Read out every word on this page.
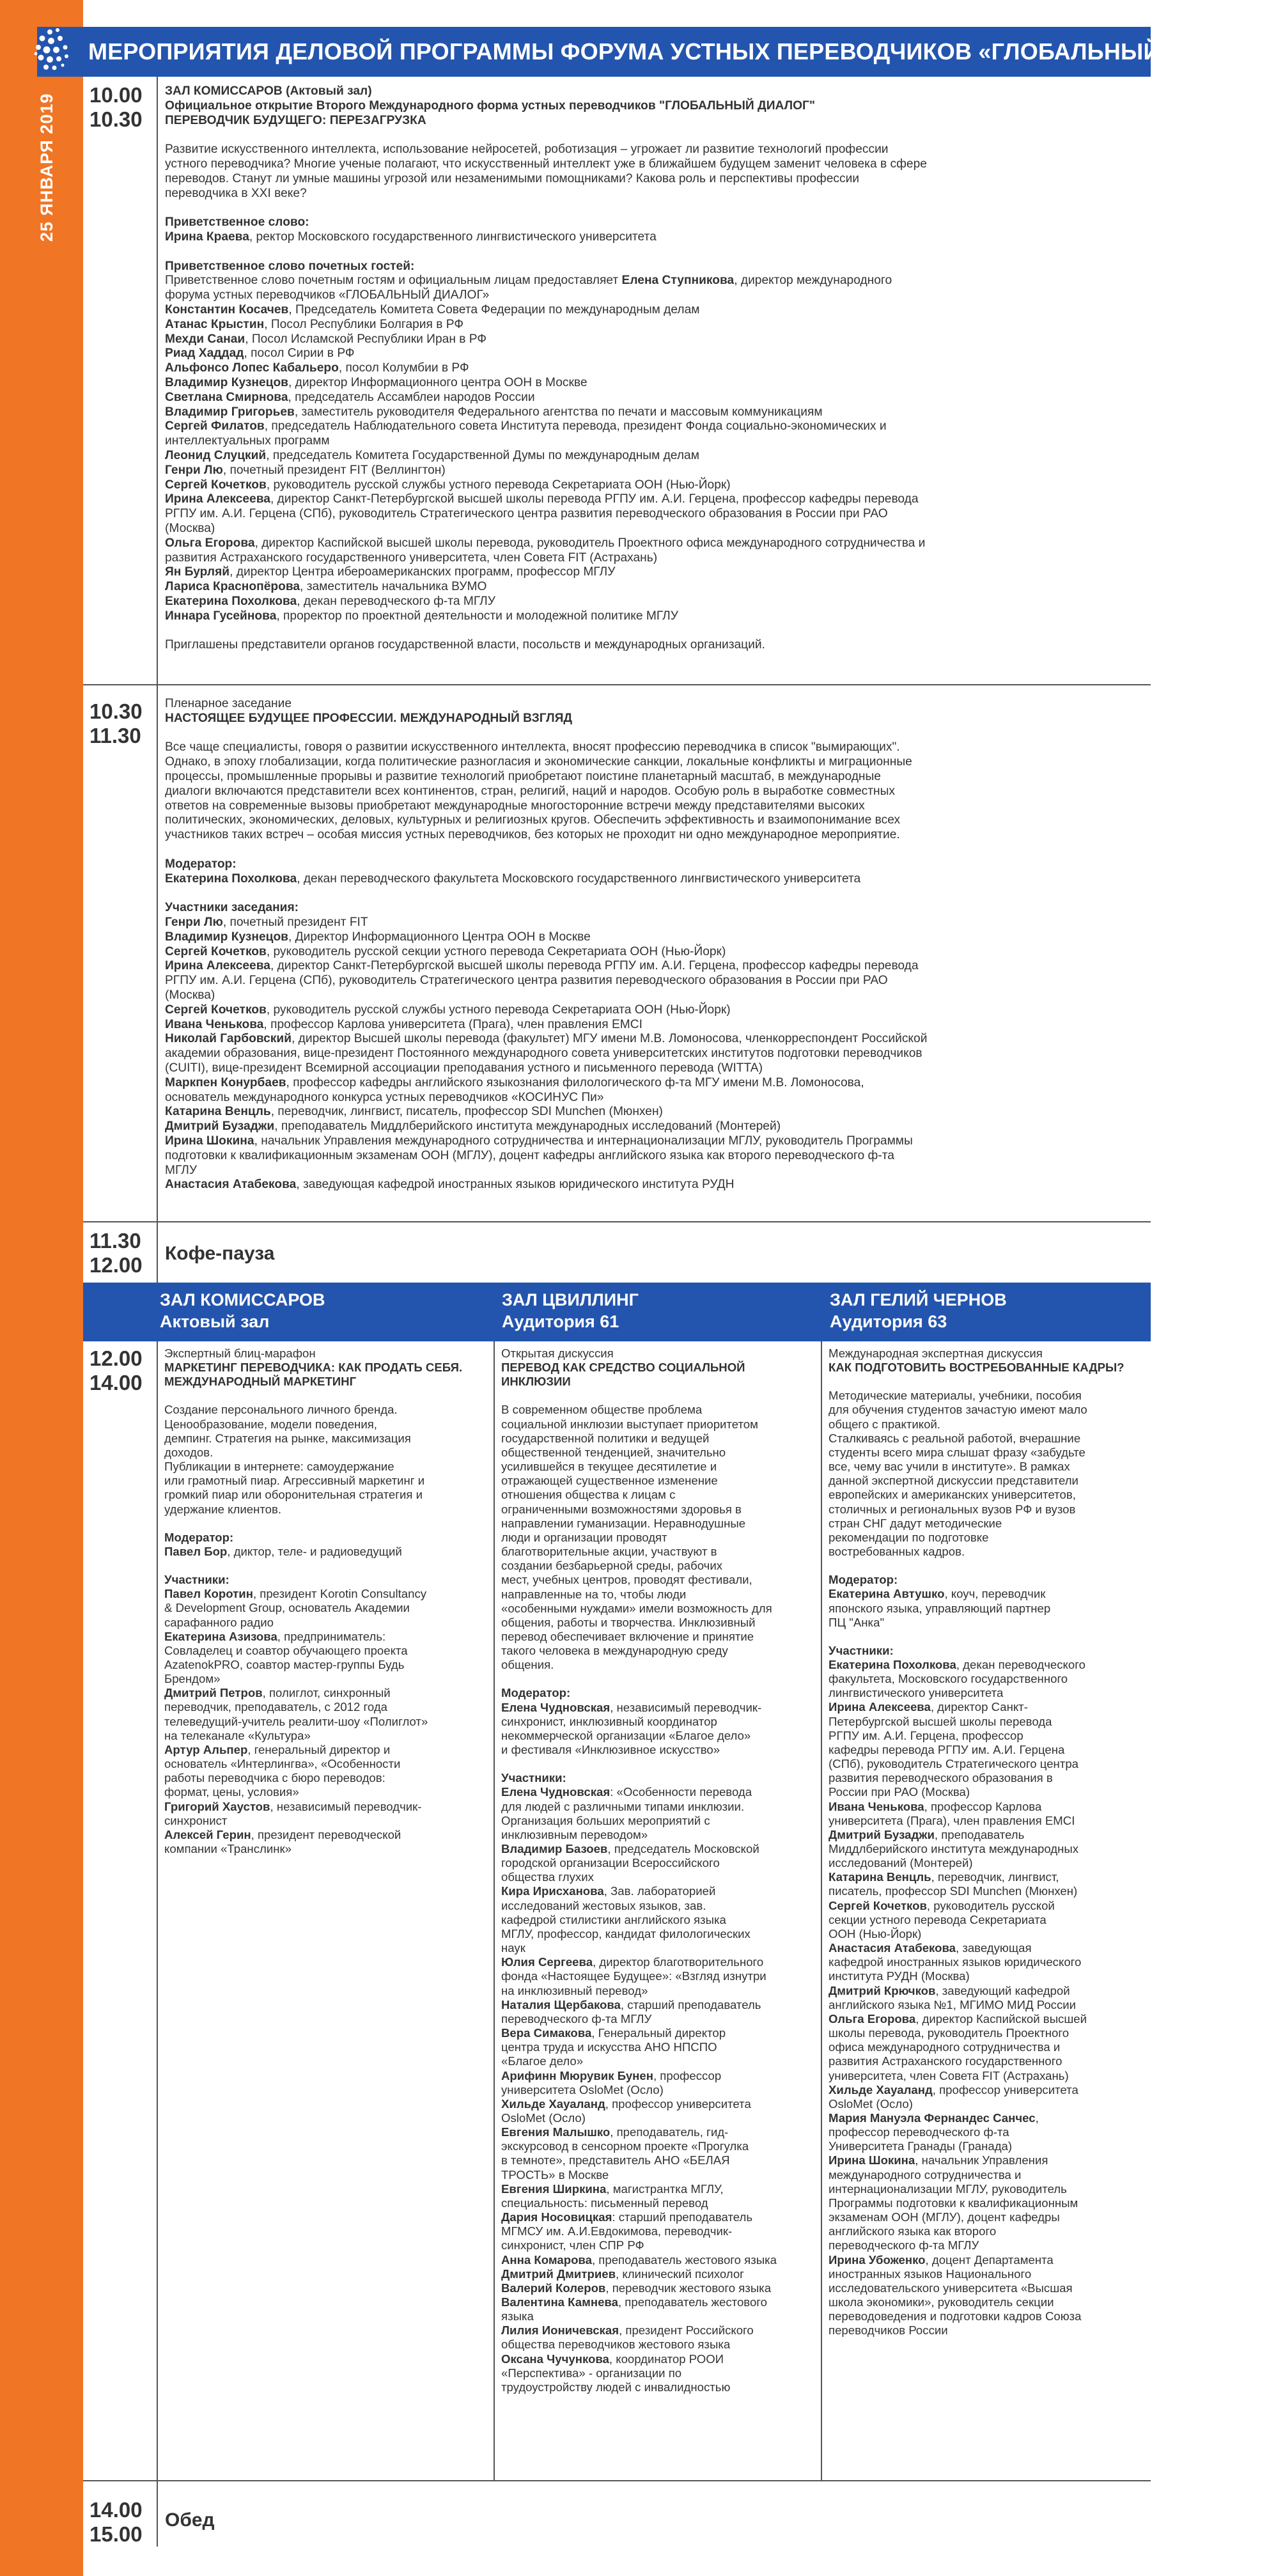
25 ЯНВАРЯ 2019
МЕРОПРИЯТИЯ ДЕЛОВОЙ ПРОГРАММЫ ФОРУМА УСТНЫХ ПЕРЕВОДЧИКОВ «ГЛОБАЛЬНЫЙ ДИАЛОГ»
10.00
10.30
ЗАЛ КОМИССАРОВ (Актовый зал)
Официальное открытие Второго Международного форма устных переводчиков "ГЛОБАЛЬНЫЙ ДИАЛОГ"
ПЕРЕВОДЧИК БУДУЩЕГО: ПЕРЕЗАГРУЗКА
Развитие искусственного интеллекта, использование нейросетей, роботизация – угрожает ли развитие технологий профессии
устного переводчика? Многие ученые полагают, что искусственный интеллект уже в ближайшем будущем заменит человека в сфере
переводов. Станут ли умные машины угрозой или незаменимыми помощниками? Какова роль и перспективы профессии
переводчика в XXI веке?
Приветственное слово:
Ирина Краева, ректор Московского государственного лингвистического университета
Приветственное слово почетных гостей:
Приветственное слово почетным гостям и официальным лицам предоставляет Елена Ступникова, директор международного
форума устных переводчиков «ГЛОБАЛЬНЫЙ ДИАЛОГ»
Константин Косачев, Председатель Комитета Совета Федерации по международным делам
Атанас Крыстин, Посол Республики Болгария в РФ
Мехди Санаи, Посол Исламской Республики Иран в РФ
Риад Хаддад, посол Сирии в РФ
Альфонсо Лопес Кабальеро, посол Колумбии в РФ
Владимир Кузнецов, директор Информационного центра ООН в Москве
Светлана Смирнова, председатель Ассамблеи народов России
Владимир Григорьев, заместитель руководителя Федерального агентства по печати и массовым коммуникациям
Сергей Филатов, председатель Наблюдательного совета Института перевода, президент Фонда социально-экономических и
интеллектуальных программ
Леонид Слуцкий, председатель Комитета Государственной Думы по международным делам
Генри Лю, почетный президент FIT (Веллингтон)
Сергей Кочетков, руководитель русской службы устного перевода Секретариата ООН (Нью-Йорк)
Ирина Алексеева, директор Санкт-Петербургской высшей школы перевода РГПУ им. А.И. Герцена, профессор кафедры перевода
РГПУ им. А.И. Герцена (СПб), руководитель Стратегического центра развития переводческого образования в России при РАО
(Москва)
Ольга Егорова, директор Каспийской высшей школы перевода, руководитель Проектного офиса международного сотрудничества и
развития Астраханского государственного университета, член Совета FIT (Астрахань)
Ян Бурляй, директор Центра ибероамериканских программ, профессор МГЛУ
Лариса Краснопёрова, заместитель начальника ВУМО
Екатерина Похолкова, декан переводческого ф-та МГЛУ
Иннара Гусейнова, проректор по проектной деятельности и молодежной политике МГЛУ
Приглашены представители органов государственной власти, посольств и международных организаций.
10.30
11.30
Пленарное заседание
НАСТОЯЩЕЕ БУДУЩЕЕ ПРОФЕССИИ. МЕЖДУНАРОДНЫЙ ВЗГЛЯД
Все чаще специалисты, говоря о развитии искусственного интеллекта, вносят профессию переводчика в список "вымирающих".
Однако, в эпоху глобализации, когда политические разногласия и экономические санкции, локальные конфликты и миграционные
процессы, промышленные прорывы и развитие технологий приобретают поистине планетарный масштаб, в международные
диалоги включаются представители всех континентов, стран, религий, наций и народов. Особую роль в выработке совместных
ответов на современные вызовы приобретают международные многосторонние встречи между представителями высоких
политических, экономических, деловых, культурных и религиозных кругов. Обеспечить эффективность и взаимопонимание всех
участников таких встреч – особая миссия устных переводчиков, без которых не проходит ни одно международное мероприятие.
Модератор:
Екатерина Похолкова, декан переводческого факультета Московского государственного лингвистического университета
Участники заседания:
Генри Лю, почетный президент FIT
Владимир Кузнецов, Директор Информационного Центра ООН в Москве
Сергей Кочетков, руководитель русской секции устного перевода Секретариата ООН (Нью-Йорк)
Ирина Алексеева, директор Санкт-Петербургской высшей школы перевода РГПУ им. А.И. Герцена, профессор кафедры перевода
РГПУ им. А.И. Герцена (СПб), руководитель Стратегического центра развития переводческого образования в России при РАО
(Москва)
Сергей Кочетков, руководитель русской службы устного перевода Секретариата ООН (Нью-Йорк)
Ивана Ченькова, профессор Карлова университета (Прага), член правления EMCI
Николай Гарбовский, директор Высшей школы перевода (факультет) МГУ имени М.В. Ломоносова, членкорреспондент Российской
академии образования, вице-президент Постоянного международного совета университетских институтов подготовки переводчиков
(CUITI), вице-президент Всемирной ассоциации преподавания устного и письменного перевода (WITTA)
Маркпен Конурбаев, профессор кафедры английского языкознания филологического ф-та МГУ имени М.В. Ломоносова,
основатель международного конкурса устных переводчиков «КОСИНУС Пи»
Катарина Венцль, переводчик, лингвист, писатель, профессор SDI Munchen (Мюнхен)
Дмитрий Бузаджи, преподаватель Миддлберийского института международных исследований (Монтерей)
Ирина Шокина, начальник Управления международного сотрудничества и интернационализации МГЛУ, руководитель Программы
подготовки к квалификационным экзаменам ООН (МГЛУ), доцент кафедры английского языка как второго переводческого ф-та
МГЛУ
Анастасия Атабекова, заведующая кафедрой иностранных языков юридического института РУДН
11.30
12.00	Кофе-пауза
ЗАЛ КОМИССАРОВ
Актовый зал
ЗАЛ ЦВИЛЛИНГ
Аудитория 61
ЗАЛ ГЕЛИЙ ЧЕРНОВ
Аудитория 63
12.00
14.00
Экспертный блиц-марафон
МАРКЕТИНГ ПЕРЕВОДЧИКА: КАК ПРОДАТЬ СЕБЯ.
МЕЖДУНАРОДНЫЙ МАРКЕТИНГ
Создание персонального личного бренда.
Ценообразование, модели поведения,
демпинг. Стратегия на рынке, максимизация
доходов.
Публикации в интернете: самоудержание
или грамотный пиар. Агрессивный маркетинг и
громкий пиар или оборонительная стратегия и
удержание клиентов.
Модератор:
Павел Бор, диктор, теле- и радиоведущий
Участники:
Павел Коротин, президент Korotin Consultancy
& Development Group, основатель Академии
сарафанного радио
Екатерина Азизова, предприниматель:
Совладелец и соавтор обучающего проекта
AzatenokPRO, соавтор мастер-группы Будь
Брендом»
Дмитрий Петров, полиглот, синхронный
переводчик, преподаватель, с 2012 года
телеведущий-учитель реалити-шоу «Полиглот»
на телеканале «Культура»
Артур Альпер, генеральный директор и
основатель «Интерлингва», «Особенности
работы переводчика с бюро переводов:
формат, цены, условия»
Григорий Хаустов, независимый переводчик-
синхронист
Алексей Герин, президент переводческой
компании «Транслинк»
Открытая дискуссия
ПЕРЕВОД КАК СРЕДСТВО СОЦИАЛЬНОЙ
ИНКЛЮЗИИ
В современном обществе проблема
социальной инклюзии выступает приоритетом
государственной политики и ведущей
общественной тенденцией, значительно
усилившейся в текущее десятилетие и
отражающей существенное изменение
отношения общества к лицам с
ограниченными возможностями здоровья в
направлении гуманизации. Неравнодушные
люди и организации проводят
благотворительные акции, участвуют в
создании безбарьерной среды, рабочих
мест, учебных центров, проводят фестивали,
направленные на то, чтобы люди
«особенными нуждами» имели возможность для
общения, работы и творчества. Инклюзивный
перевод обеспечивает включение и принятие
такого человека в международную среду
общения.
Модератор:
Елена Чудновская, независимый переводчик-
синхронист, инклюзивный координатор
некоммерческой организации «Благое дело»
и фестиваля «Инклюзивное искусство»
Участники:
Елена Чудновская: «Особенности перевода
для людей с различными типами инклюзии.
Организация больших мероприятий с
инклюзивным переводом»
Владимир Базоев, председатель Московской
городской организации Всероссийского
общества глухих
Кира Ирисханова, Зав. лабораторией
исследований жестовых языков, зав.
кафедрой стилистики английского языка
МГЛУ, профессор, кандидат филологических
наук
Юлия Сергеева, директор благотворительного
фонда «Настоящее Будущее»: «Взгляд изнутри
на инклюзивный перевод»
Наталия Щербакова, старший преподаватель
переводческого ф-та МГЛУ
Вера Симакова, Генеральный директор
центра труда и искусства АНО НПСПО
«Благое дело»
Арифинн Мюрувик Бунен, профессор
университета OsloMet (Осло)
Хильде Хауаланд, профессор университета
OsloMet (Осло)
Евгения Малышко, преподаватель, гид-
экскурсовод в сенсорном проекте «Прогулка
в темноте», представитель АНО «БЕЛАЯ
ТРОСТЬ» в Москве
Евгения Ширкина, магистрантка МГЛУ,
специальность: письменный перевод
Дария Носовицкая: старший преподаватель
МГМСУ им. А.И.Евдокимова, переводчик-
синхронист, член СПР РФ
Анна Комарова, преподаватель жестового языка
Дмитрий Дмитриев, клинический психолог
Валерий Колеров, переводчик жестового языка
Валентина Камнева, преподаватель жестового
языка
Лилия Ионичевская, президент Российского
общества переводчиков жестового языка
Оксана Чучункова, координатор РООИ
«Перспектива» - организации по
трудоустройству людей с инвалидностью
Международная экспертная дискуссия
КАК ПОДГОТОВИТЬ ВОСТРЕБОВАННЫЕ КАДРЫ?
Методические материалы, учебники, пособия
для обучения студентов зачастую имеют мало
общего с практикой.
Сталкиваясь с реальной работой, вчерашние
студенты всего мира слышат фразу «забудьте
все, чему вас учили в институте». В рамках
данной экспертной дискуссии представители
европейских и американских университетов,
столичных и региональных вузов РФ и вузов
стран СНГ дадут методические
рекомендации по подготовке
востребованных кадров.
Модератор:
Екатерина Автушко, коуч, переводчик
японского языка, управляющий партнер
ПЦ "Анка"
Участники:
Екатерина Похолкова, декан переводческого
факультета, Московского государственного
лингвистического университета
Ирина Алексеева, директор Санкт-
Петербургской высшей школы перевода
РГПУ им. А.И. Герцена, профессор
кафедры перевода РГПУ им. А.И. Герцена
(СПб), руководитель Стратегического центра
развития переводческого образования в
России при РАО (Москва)
Ивана Ченькова, профессор Карлова
университета (Прага), член правления EMCI
Дмитрий Бузаджи, преподаватель
Миддлберийского института международных
исследований (Монтерей)
Катарина Венцль, переводчик, лингвист,
писатель, профессор SDI Munchen (Мюнхен)
Сергей Кочетков, руководитель русской
секции устного перевода Секретариата
ООН (Нью-Йорк)
Анастасия Атабекова, заведующая
кафедрой иностранных языков юридического
института РУДН (Москва)
Дмитрий Крючков, заведующий кафедрой
английского языка №1, МГИМО МИД России
Ольга Егорова, директор Каспийской высшей
школы перевода, руководитель Проектного
офиса международного сотрудничества и
развития Астраханского государственного
университета, член Совета FIT (Астрахань)
Хильде Хауаланд, профессор университета
OsloMet (Осло)
Мария Мануэла Фернандес Санчес,
профессор переводческого ф-та
Университета Гранады (Гранада)
Ирина Шокина, начальник Управления
международного сотрудничества и
интернационализации МГЛУ, руководитель
Программы подготовки к квалификационным
экзаменам ООН (МГЛУ), доцент кафедры
английского языка как второго
переводческого ф-та МГЛУ
Ирина Убоженко, доцент Департамента
иностранных языков Национального
исследовательского университета «Высшая
школа экономики», руководитель секции
переводоведения и подготовки кадров Союза
переводчиков России
14.00
15.00
Обед
